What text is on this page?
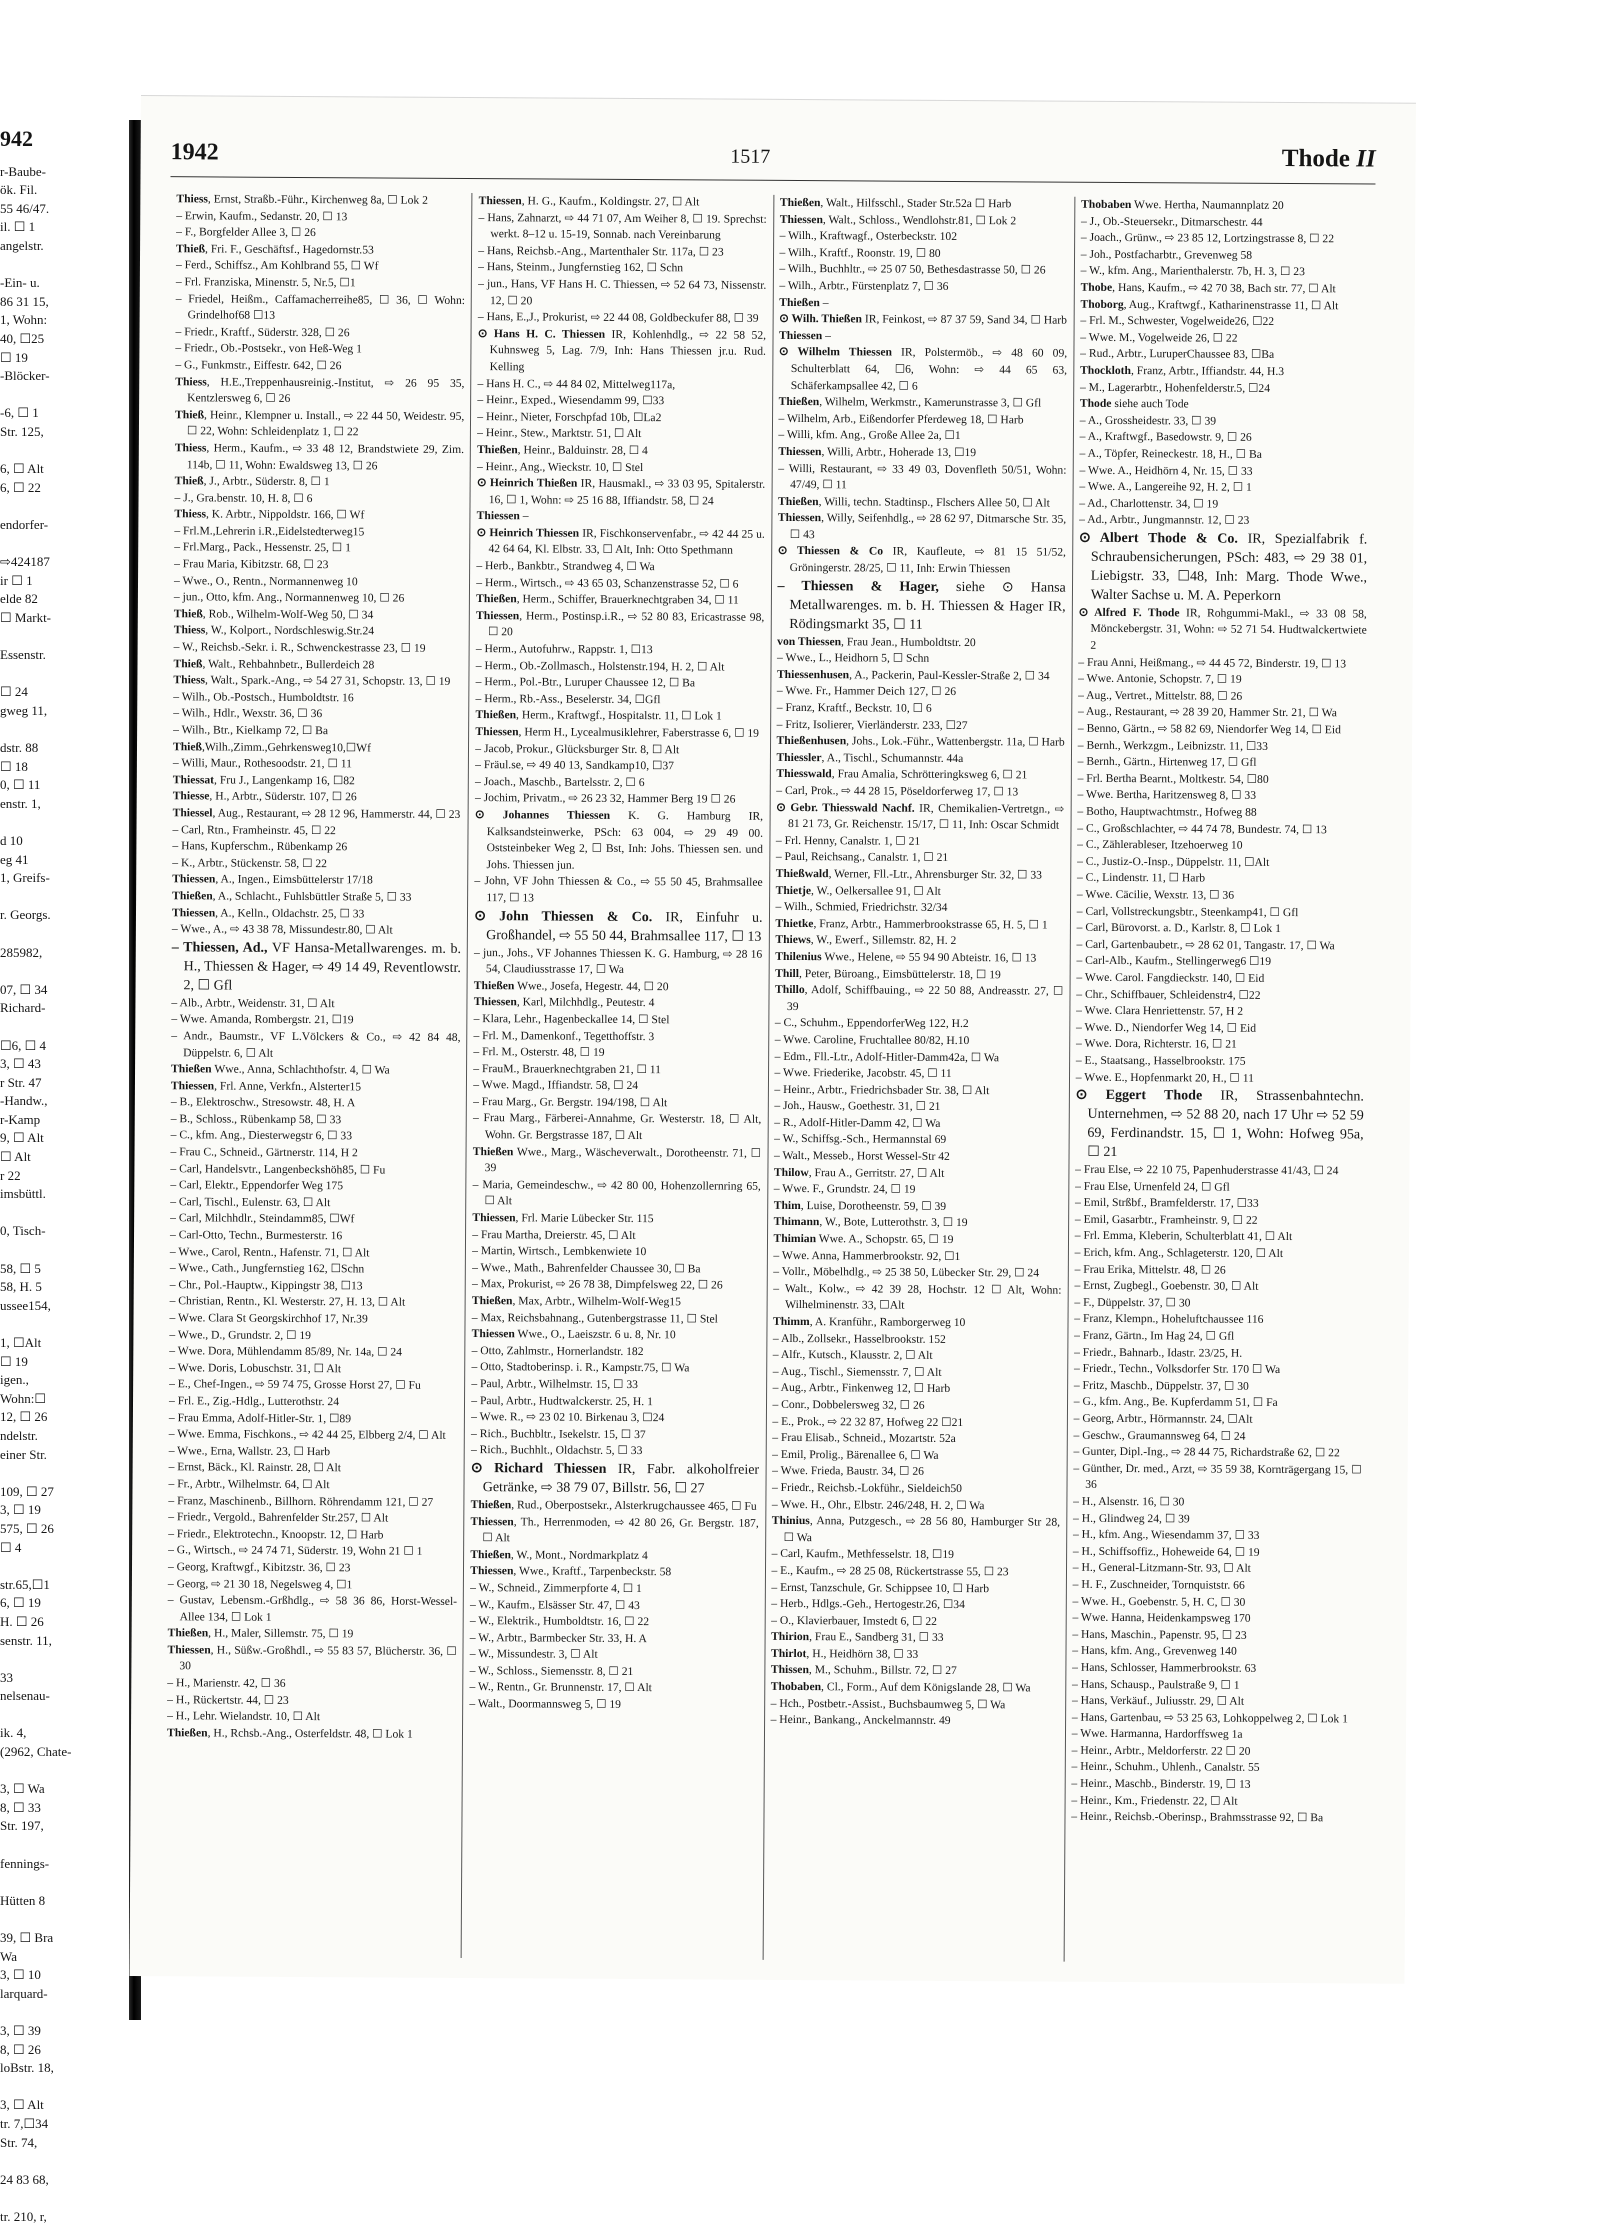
942
r-Baube-
ök. Fil.
55 46/47.
il. ☐ 1
angelstr.

-Ein- u.
86 31 15,
1, Wohn:
40, ☐25
☐ 19
-Blöcker-

-6, ☐ 1
Str. 125,

6, ☐ Alt
6, ☐ 22

endorfer-

⇨424187
ir ☐ 1
elde 82
☐ Markt-

Essenstr.

☐ 24
gweg 11,

dstr. 88
☐ 18
0, ☐ 11
enstr. 1,

d 10
eg 41
1, Greifs-

r. Georgs.

285982,

07, ☐ 34
Richard-

☐6, ☐ 4
3, ☐ 43
r Str. 47
-Handw.,
r-Kamp
9, ☐ Alt
☐ Alt
r 22
imsbüttl.

0, Tisch-

58, ☐ 5
58, H. 5
ussee154,

1, ☐Alt
☐ 19
igen.,
Wohn:☐
12, ☐ 26
ndelstr.
einer Str.

109, ☐ 27
3, ☐ 19
575, ☐ 26
☐ 4

str.65,☐1
6, ☐ 19
H. ☐ 26
senstr. 11,

33
nelsenau-

ik. 4,
(2962, Chate-

3, ☐ Wa
8, ☐ 33
Str. 197,

fennings-

Hütten 8

39, ☐ Bra
Wa
3, ☐ 10
larquard-

3, ☐ 39
8, ☐ 26
loBstr. 18,

3, ☐ Alt
tr. 7,☐34
Str. 74,

24 83 68,

tr. 210, r,
1942	1517	Thode II

Thiess, Ernst, Straßb.-Führ., Kirchenweg 8a, ☐ Lok 2

– Erwin, Kaufm., Sedanstr. 20, ☐ 13

– F., Borgfelder Allee 3, ☐ 26

Thieß, Fri. F., Geschäftsf., Hagedornstr.53

– Ferd., Schiffsz., Am Kohlbrand 55, ☐ Wf

– Frl. Franziska, Minenstr. 5, Nr.5, ☐1

– Friedel, Heißm., Caffamacherreihe85, ☐ 36, ☐ Wohn: Grindelhof68 ☐13

– Friedr., Kraftf., Süderstr. 328, ☐ 26

– Friedr., Ob.-Postsekr., von Heß-Weg 1

– G., Funkmstr., Eiffestr. 642, ☐ 26

Thiess, H.E.,Treppenhausreinig.-Institut, ⇨ 26 95 35, Kentzlersweg 6, ☐ 26

Thieß, Heinr., Klempner u. Install., ⇨ 22 44 50, Weidestr. 95, ☐ 22, Wohn: Schleidenplatz 1, ☐ 22

Thiess, Herm., Kaufm., ⇨ 33 48 12, Brandstwiete 29, Zim. 114b, ☐ 11, Wohn: Ewaldsweg 13, ☐ 26

Thieß, J., Arbtr., Süderstr. 8, ☐ 1

– J., Gra.benstr. 10, H. 8, ☐ 6

Thiess, K. Arbtr., Nippoldstr. 166, ☐ Wf

– Frl.M.,Lehrerin i.R.,Eidelstedterweg15

– Frl.Marg., Pack., Hessenstr. 25, ☐ 1

– Frau Maria, Kibitzstr. 68, ☐ 23

– Wwe., O., Rentn., Normannenweg 10

– jun., Otto, kfm. Ang., Normannenweg 10, ☐ 26

Thieß, Rob., Wilhelm-Wolf-Weg 50, ☐ 34

Thiess, W., Kolport., Nordschleswig.Str.24

– W., Reichsb.-Sekr. i. R., Schwenckestrasse 23, ☐ 19

Thieß, Walt., Rehbahnbetr., Bullerdeich 28

Thiess, Walt., Spark.-Ang., ⇨ 54 27 31, Schopstr. 13, ☐ 19

– Wilh., Ob.-Postsch., Humboldtstr. 16

– Wilh., Hdlr., Wexstr. 36, ☐ 36

– Wilh., Btr., Kielkamp 72, ☐ Ba

Thieß,Wilh.,Zimm.,Gehrkensweg10,☐Wf

– Willi, Maur., Rothesoodstr. 21, ☐ 11

Thiessat, Fru J., Langenkamp 16, ☐82

Thiesse, H., Arbtr., Süderstr. 107, ☐ 26

Thiessel, Aug., Restaurant, ⇨ 28 12 96, Hammerstr. 44, ☐ 23

– Carl, Rtn., Framheinstr. 45, ☐ 22

– Hans, Kupferschm., Rübenkamp 26

– K., Arbtr., Stückenstr. 58, ☐ 22

Thiessen, A., Ingen., Eimsbüttelerstr 17/18

Thießen, A., Schlacht., Fuhlsbüttler Straße 5, ☐ 33

Thiessen, A., Kelln., Oldachstr. 25, ☐ 33

– Wwe., A., ⇨ 43 38 78, Missundestr.80, ☐ Alt

– Thiessen, Ad., VF Hansa-Metallwarenges. m. b. H., Thiessen & Hager, ⇨ 49 14 49, Reventlowstr. 2, ☐ Gfl

– Alb., Arbtr., Weidenstr. 31, ☐ Alt

– Wwe. Amanda, Rombergstr. 21, ☐19

– Andr., Baumstr., VF L.Völckers & Co., ⇨ 42 84 48, Düppelstr. 6, ☐ Alt

Thießen Wwe., Anna, Schlachthofstr. 4, ☐ Wa

Thiessen, Frl. Anne, Verkfn., Alsterter15

– B., Elektroschw., Stresowstr. 48, H. A

– B., Schloss., Rübenkamp 58, ☐ 33

– C., kfm. Ang., Diesterwegstr 6, ☐ 33

– Frau C., Schneid., Gärtnerstr. 114, H 2

– Carl, Handelsvtr., Langenbeckshöh85, ☐ Fu

– Carl, Elektr., Eppendorfer Weg 175

– Carl, Tischl., Eulenstr. 63, ☐ Alt

– Carl, Milchhdlr., Steindamm85, ☐Wf

– Carl-Otto, Techn., Burmesterstr. 16

– Wwe., Carol, Rentn., Hafenstr. 71, ☐ Alt

– Wwe., Cath., Jungfernstieg 162, ☐Schn

– Chr., Pol.-Hauptw., Kippingstr 38, ☐13

– Christian, Rentn., Kl. Westerstr. 27, H. 13, ☐ Alt

– Wwe. Clara St Georgskirchhof 17, Nr.39

– Wwe., D., Grundstr. 2, ☐ 19

– Wwe. Dora, Mühlendamm 85/89, Nr. 14a, ☐ 24

– Wwe. Doris, Lobuschstr. 31, ☐ Alt

– E., Chef-Ingen., ⇨ 59 74 75, Grosse Horst 27, ☐ Fu

– Frl. E., Zig.-Hdlg., Lutterothstr. 24

– Frau Emma, Adolf-Hitler-Str. 1, ☐89

– Wwe. Emma, Fischkons., ⇨ 42 44 25, Elbberg 2/4, ☐ Alt

– Wwe., Erna, Wallstr. 23, ☐ Harb

– Ernst, Bäck., Kl. Rainstr. 28, ☐ Alt

– Fr., Arbtr., Wilhelmstr. 64, ☐ Alt

– Franz, Maschinenb., Billhorn. Röhrendamm 121, ☐ 27

– Friedr., Vergold., Bahrenfelder Str.257, ☐ Alt

– Friedr., Elektrotechn., Knoopstr. 12, ☐ Harb

– G., Wirtsch., ⇨ 24 74 71, Süderstr. 19, Wohn 21 ☐ 1

– Georg, Kraftwgf., Kibitzstr. 36, ☐ 23

– Georg, ⇨ 21 30 18, Negelsweg 4, ☐1

– Gustav, Lebensm.-Grßhdlg., ⇨ 58 36 86, Horst-Wessel-Allee 134, ☐ Lok 1

Thießen, H., Maler, Sillemstr. 75, ☐ 19

Thiessen, H., Süßw.-Großhdl., ⇨ 55 83 57, Blücherstr. 36, ☐ 30

– H., Marienstr. 42, ☐ 36

– H., Rückertstr. 44, ☐ 23

– H., Lehr. Wielandstr. 10, ☐ Alt

Thießen, H., Rchsb.-Ang., Osterfeldstr. 48, ☐ Lok 1

Thiessen, H. G., Kaufm., Koldingstr. 27, ☐ Alt

– Hans, Zahnarzt, ⇨ 44 71 07, Am Weiher 8, ☐ 19. Sprechst: werkt. 8–12 u. 15-19, Sonnab. nach Vereinbarung

– Hans, Reichsb.-Ang., Martenthaler Str. 117a, ☐ 23

– Hans, Steinm., Jungfernstieg 162, ☐ Schn

– jun., Hans, VF Hans H. C. Thiessen, ⇨ 52 64 73, Nissenstr. 12, ☐ 20

– Hans, E.,J., Prokurist, ⇨ 22 44 08, Goldbeckufer 88, ☐ 39

⊙ Hans H. C. Thiessen IR, Kohlenhdlg., ⇨ 22 58 52, Kuhnsweg 5, Lag. 7/9, Inh: Hans Thiessen jr.u. Rud. Kelling

– Hans H. C., ⇨ 44 84 02, Mittelweg117a,

– Heinr., Exped., Wiesendamm 99, ☐33

– Heinr., Nieter, Forschpfad 10b, ☐La2

– Heinr., Stew., Marktstr. 51, ☐ Alt

Thießen, Heinr., Balduinstr. 28, ☐ 4

– Heinr., Ang., Wieckstr. 10, ☐ Stel

⊙ Heinrich Thießen IR, Hausmakl., ⇨ 33 03 95, Spitalerstr. 16, ☐ 1, Wohn: ⇨ 25 16 88, Iffiandstr. 58, ☐ 24

Thiessen –

⊙ Heinrich Thiessen IR, Fischkonservenfabr., ⇨ 42 44 25 u. 42 64 64, Kl. Elbstr. 33, ☐ Alt, Inh: Otto Spethmann

– Herb., Bankbtr., Strandweg 4, ☐ Wa

– Herm., Wirtsch., ⇨ 43 65 03, Schanzenstrasse 52, ☐ 6

Thießen, Herm., Schiffer, Brauerknechtgraben 34, ☐ 11

Thiessen, Herm., Postinsp.i.R., ⇨ 52 80 83, Ericastrasse 98, ☐ 20

– Herm., Autofuhrw., Rappstr. 1, ☐13

– Herm., Ob.-Zollmasch., Holstenstr.194, H. 2, ☐ Alt

– Herm., Pol.-Btr., Luruper Chaussee 12, ☐ Ba

– Herm., Rb.-Ass., Beselerstr. 34, ☐Gfl

Thießen, Herm., Kraftwgf., Hospitalstr. 11, ☐ Lok 1

Thiessen, Herm H., Lycealmusiklehrer, Faberstrasse 6, ☐ 19

– Jacob, Prokur., Glücksburger Str. 8, ☐ Alt

– Fräul.se, ⇨ 49 40 13, Sandkamp10, ☐37

– Joach., Maschb., Bartelsstr. 2, ☐ 6

– Jochim, Privatm., ⇨ 26 23 32, Hammer Berg 19 ☐ 26

⊙ Johannes Thiessen K. G. Hamburg IR, Kalksandsteinwerke, PSch: 63 004, ⇨ 29 49 00. Oststeinbeker Weg 2, ☐ Bst, Inh: Johs. Thiessen sen. und Johs. Thiessen jun.

– John, VF John Thiessen & Co., ⇨ 55 50 45, Brahmsallee 117, ☐ 13

⊙ John Thiessen & Co. IR, Einfuhr u. Großhandel, ⇨ 55 50 44, Brahmsallee 117, ☐ 13

– jun., Johs., VF Johannes Thiessen K. G. Hamburg, ⇨ 28 16 54, Claudiusstrasse 17, ☐ Wa

Thießen Wwe., Josefa, Hegestr. 44, ☐ 20

Thiessen, Karl, Milchhdlg., Peutestr. 4

– Klara, Lehr., Hagenbeckallee 14, ☐ Stel

– Frl. M., Damenkonf., Tegetthoffstr. 3

– Frl. M., Osterstr. 48, ☐ 19

– FrauM., Brauerknechtgraben 21, ☐ 11

– Wwe. Magd., Iffiandstr. 58, ☐ 24

– Frau Marg., Gr. Bergstr. 194/198, ☐ Alt

– Frau Marg., Färberei-Annahme, Gr. Westerstr. 18, ☐ Alt, Wohn. Gr. Bergstrasse 187, ☐ Alt

Thießen Wwe., Marg., Wäscheverwalt., Dorotheenstr. 71, ☐ 39

– Maria, Gemeindeschw., ⇨ 42 80 00, Hohenzollernring 65, ☐ Alt

Thiessen, Frl. Marie Lübecker Str. 115

– Frau Martha, Dreierstr. 45, ☐ Alt

– Martin, Wirtsch., Lembkenwiete 10

– Wwe., Math., Bahrenfelder Chaussee 30, ☐ Ba

– Max, Prokurist, ⇨ 26 78 38, Dimpfelsweg 22, ☐ 26

Thießen, Max, Arbtr., Wilhelm-Wolf-Weg15

– Max, Reichsbahnang., Gutenbergstrasse 11, ☐ Stel

Thiessen Wwe., O., Laeiszstr. 6 u. 8, Nr. 10

– Otto, Zahlmstr., Hornerlandstr. 182

– Otto, Stadtoberinsp. i. R., Kampstr.75, ☐ Wa

– Paul, Arbtr., Wilhelmstr. 15, ☐ 33

– Paul, Arbtr., Hudtwalckerstr. 25, H. 1

– Wwe. R., ⇨ 23 02 10. Birkenau 3, ☐24

– Rich., Buchbltr., Isekelstr. 15, ☐ 37

– Rich., Buchhlt., Oldachstr. 5, ☐ 33

⊙ Richard Thiessen IR, Fabr. alkoholfreier Getränke, ⇨ 38 79 07, Billstr. 56, ☐ 27

Thießen, Rud., Oberpostsekr., Alsterkrugchaussee 465, ☐ Fu

Thiessen, Th., Herrenmoden, ⇨ 42 80 26, Gr. Bergstr. 187, ☐ Alt

Thießen, W., Mont., Nordmarkplatz 4

Thiessen, Wwe., Kraftf., Tarpenbeckstr. 58

– W., Schneid., Zimmerpforte 4, ☐ 1

– W., Kaufm., Elsässer Str. 47, ☐ 43

– W., Elektrik., Humboldtstr. 16, ☐ 22

– W., Arbtr., Barmbecker Str. 33, H. A

– W., Missundestr. 3, ☐ Alt

– W., Schloss., Siemensstr. 8, ☐ 21

– W., Rentn., Gr. Brunnenstr. 17, ☐ Alt

– Walt., Doormannsweg 5, ☐ 19

Thießen, Walt., Hilfsschl., Stader Str.52a ☐ Harb

Thiessen, Walt., Schloss., Wendlohstr.81, ☐ Lok 2

– Wilh., Kraftwagf., Osterbeckstr. 102

– Wilh., Kraftf., Roonstr. 19, ☐ 80

– Wilh., Buchhltr., ⇨ 25 07 50, Bethesdastrasse 50, ☐ 26

– Wilh., Arbtr., Fürstenplatz 7, ☐ 36

Thießen –

⊙ Wilh. Thießen IR, Feinkost, ⇨ 87 37 59, Sand 34, ☐ Harb

Thiessen –

⊙ Wilhelm Thiessen IR, Polstermöb., ⇨ 48 60 09, Schulterblatt 64, ☐6, Wohn: ⇨ 44 65 63, Schäferkampsallee 42, ☐ 6

Thießen, Wilhelm, Werkmstr., Kamerunstrasse 3, ☐ Gfl

– Wilhelm, Arb., Eißendorfer Pferdeweg 18, ☐ Harb

– Willi, kfm. Ang., Große Allee 2a, ☐1

Thiessen, Willi, Arbtr., Hoherade 13, ☐19

– Willi, Restaurant, ⇨ 33 49 03, Dovenfleth 50/51, Wohn: 47/49, ☐ 11

Thießen, Willi, techn. Stadtinsp., Flschers Allee 50, ☐ Alt

Thiessen, Willy, Seifenhdlg., ⇨ 28 62 97, Ditmarsche Str. 35, ☐ 43

⊙ Thiessen & Co IR, Kaufleute, ⇨ 81 15 51/52, Gröningerstr. 28/25, ☐ 11, Inh: Erwin Thiessen

– Thiessen & Hager, siehe ⊙ Hansa Metallwarenges. m. b. H. Thiessen & Hager IR, Rödingsmarkt 35, ☐ 11

von Thiessen, Frau Jean., Humboldtstr. 20

– Wwe., L., Heidhorn 5, ☐ Schn

Thiessenhusen, A., Packerin, Paul-Kessler-Straße 2, ☐ 34

– Wwe. Fr., Hammer Deich 127, ☐ 26

– Franz, Kraftf., Beckstr. 10, ☐ 6

– Fritz, Isolierer, Vierländerstr. 233, ☐27

Thießenhusen, Johs., Lok.-Führ., Wattenbergstr. 11a, ☐ Harb

Thiessler, A., Tischl., Schumannstr. 44a

Thiesswald, Frau Amalia, Schrötteringksweg 6, ☐ 21

– Carl, Prok., ⇨ 44 28 15, Pöseldorferweg 17, ☐ 13

⊙ Gebr. Thiesswald Nachf. IR, Chemikalien-Vertretgn., ⇨ 81 21 73, Gr. Reichenstr. 15/17, ☐ 11, Inh: Oscar Schmidt

– Frl. Henny, Canalstr. 1, ☐ 21

– Paul, Reichsang., Canalstr. 1, ☐ 21

Thießwald, Werner, Fll.-Ltr., Ahrensburger Str. 32, ☐ 33

Thietje, W., Oelkersallee 91, ☐ Alt

– Wilh., Schmied, Friedrichstr. 32/34

Thietke, Franz, Arbtr., Hammerbrookstrasse 65, H. 5, ☐ 1

Thiews, W., Ewerf., Sillemstr. 82, H. 2

Thilenius Wwe., Helene, ⇨ 55 94 90 Abteistr. 16, ☐ 13

Thill, Peter, Büroang., Eimsbüttelerstr. 18, ☐ 19

Thillo, Adolf, Schiffbauing., ⇨ 22 50 88, Andreasstr. 27, ☐ 39

– C., Schuhm., EppendorferWeg 122, H.2

– Wwe. Caroline, Fruchtallee 80/82, H.10

– Edm., Fll.-Ltr., Adolf-Hitler-Damm42a, ☐ Wa

– Wwe. Friederike, Jacobstr. 45, ☐ 11

– Heinr., Arbtr., Friedrichsbader Str. 38, ☐ Alt

– Joh., Hausw., Goethestr. 31, ☐ 21

– R., Adolf-Hitler-Damm 42, ☐ Wa

– W., Schiffsg.-Sch., Hermannstal 69

– Walt., Messeb., Horst Wessel-Str 42

Thilow, Frau A., Gerritstr. 27, ☐ Alt

– Wwe. F., Grundstr. 24, ☐ 19

Thim, Luise, Dorotheenstr. 59, ☐ 39

Thimann, W., Bote, Lutterothstr. 3, ☐ 19

Thimian Wwe. A., Schopstr. 65, ☐ 19

– Wwe. Anna, Hammerbrookstr. 92, ☐1

– Vollr., Möbelhdlg., ⇨ 25 38 50, Lübecker Str. 29, ☐ 24

– Walt., Kolw., ⇨ 42 39 28, Hochstr. 12 ☐ Alt, Wohn: Wilhelminenstr. 33, ☐Alt

Thimm, A. Kranführ., Ramborgerweg 10

– Alb., Zollsekr., Hasselbrookstr. 152

– Alfr., Kutsch., Klausstr. 2, ☐ Alt

– Aug., Tischl., Siemensstr. 7, ☐ Alt

– Aug., Arbtr., Finkenweg 12, ☐ Harb

– Conr., Dobbelersweg 32, ☐ 26

– E., Prok., ⇨ 22 32 87, Hofweg 22 ☐21

– Frau Elisab., Schneid., Mozartstr. 52a

– Emil, Prolig., Bärenallee 6, ☐ Wa

– Wwe. Frieda, Baustr. 34, ☐ 26

– Friedr., Reichsb.-Lokführ., Sieldeich50

– Wwe. H., Ohr., Elbstr. 246/248, H. 2, ☐ Wa

Thinius, Anna, Putzgesch., ⇨ 28 56 80, Hamburger Str 28, ☐ Wa

– Carl, Kaufm., Methfesselstr. 18, ☐19

– E., Kaufm., ⇨ 28 25 08, Rückertstrasse 55, ☐ 23

– Ernst, Tanzschule, Gr. Schippsee 10, ☐ Harb

– Herb., Hdlgs.-Geh., Hertogestr.26, ☐34

– O., Klavierbauer, Imstedt 6, ☐ 22

Thirion, Frau E., Sandberg 31, ☐ 33

Thirlot, H., Heidhörn 38, ☐ 33

Thissen, M., Schuhm., Billstr. 72, ☐ 27

Thobaben, Cl., Form., Auf dem Königslande 28, ☐ Wa

– Hch., Postbetr.-Assist., Buchsbaumweg 5, ☐ Wa

– Heinr., Bankang., Anckelmannstr. 49

Thobaben Wwe. Hertha, Naumannplatz 20

– J., Ob.-Steuersekr., Ditmarschestr. 44

– Joach., Grünw., ⇨ 23 85 12, Lortzingstrasse 8, ☐ 22

– Joh., Postfacharbtr., Grevenweg 58

– W., kfm. Ang., Marienthalerstr. 7b, H. 3, ☐ 23

Thobe, Hans, Kaufm., ⇨ 42 70 38, Bach str. 77, ☐ Alt

Thoborg, Aug., Kraftwgf., Katharinenstrasse 11, ☐ Alt

– Frl. M., Schwester, Vogelweide26, ☐22

– Wwe. M., Vogelweide 26, ☐ 22

– Rud., Arbtr., LuruperChaussee 83, ☐Ba

Thockloth, Franz, Arbtr., Iffiandstr. 44, H.3

– M., Lagerarbtr., Hohenfelderstr.5, ☐24

Thode siehe auch Tode

– A., Grossheidestr. 33, ☐ 39

– A., Kraftwgf., Basedowstr. 9, ☐ 26

– A., Töpfer, Reineckestr. 18, H., ☐ Ba

– Wwe. A., Heidhörn 4, Nr. 15, ☐ 33

– Wwe. A., Langereihe 92, H. 2, ☐ 1

– Ad., Charlottenstr. 34, ☐ 19

– Ad., Arbtr., Jungmannstr. 12, ☐ 23

⊙ Albert Thode & Co. IR, Spezialfabrik f. Schraubensicherungen, PSch: 483, ⇨ 29 38 01, Liebigstr. 33, ☐48, Inh: Marg. Thode Wwe., Walter Sachse u. M. A. Peperkorn

⊙ Alfred F. Thode IR, Rohgummi-Makl., ⇨ 33 08 58, Mönckebergstr. 31, Wohn: ⇨ 52 71 54. Hudtwalckertwiete 2

– Frau Anni, Heißmang., ⇨ 44 45 72, Binderstr. 19, ☐ 13

– Wwe. Antonie, Schopstr. 7, ☐ 19

– Aug., Vertret., Mittelstr. 88, ☐ 26

– Aug., Restaurant, ⇨ 28 39 20, Hammer Str. 21, ☐ Wa

– Benno, Gärtn., ⇨ 58 82 69, Niendorfer Weg 14, ☐ Eid

– Bernh., Werkzgm., Leibnizstr. 11, ☐33

– Bernh., Gärtn., Hirtenweg 17, ☐ Gfl

– Frl. Bertha Bearnt., Moltkestr. 54, ☐80

– Wwe. Bertha, Haritzensweg 8, ☐ 33

– Botho, Hauptwachtmstr., Hofweg 88

– C., Großschlachter, ⇨ 44 74 78, Bundestr. 74, ☐ 13

– C., Zählerableser, Itzehoerweg 10

– C., Justiz-O.-Insp., Düppelstr. 11, ☐Alt

– C., Lindenstr. 11, ☐ Harb

– Wwe. Cäcilie, Wexstr. 13, ☐ 36

– Carl, Vollstreckungsbtr., Steenkamp41, ☐ Gfl

– Carl, Bürovorst. a. D., Karlstr. 8, ☐ Lok 1

– Carl, Gartenbaubetr., ⇨ 28 62 01, Tangastr. 17, ☐ Wa

– Carl-Alb., Kaufm., Stellingerweg6 ☐19

– Wwe. Carol. Fangdieckstr. 140, ☐ Eid

– Chr., Schiffbauer, Schleidenstr4, ☐22

– Wwe. Clara Henriettenstr. 57, H 2

– Wwe. D., Niendorfer Weg 14, ☐ Eid

– Wwe. Dora, Richterstr. 16, ☐ 21

– E., Staatsang., Hasselbrookstr. 175

– Wwe. E., Hopfenmarkt 20, H., ☐ 11

⊙ Eggert Thode IR, Strassenbahntechn. Unternehmen, ⇨ 52 88 20, nach 17 Uhr ⇨ 52 59 69, Ferdinandstr. 15, ☐ 1, Wohn: Hofweg 95a, ☐ 21

– Frau Else, ⇨ 22 10 75, Papenhuderstrasse 41/43, ☐ 24

– Frau Else, Urnenfeld 24, ☐ Gfl

– Emil, Strßbf., Bramfelderstr. 17, ☐33

– Emil, Gasarbtr., Framheinstr. 9, ☐ 22

– Frl. Emma, Kleberin, Schulterblatt 41, ☐ Alt

– Erich, kfm. Ang., Schlageterstr. 120, ☐ Alt

– Frau Erika, Mittelstr. 48, ☐ 26

– Ernst, Zugbegl., Goebenstr. 30, ☐ Alt

– F., Düppelstr. 37, ☐ 30

– Franz, Klempn., Hoheluftchaussee 116

– Franz, Gärtn., Im Hag 24, ☐ Gfl

– Friedr., Bahnarb., Idastr. 23/25, H.

– Friedr., Techn., Volksdorfer Str. 170 ☐ Wa

– Fritz, Maschb., Düppelstr. 37, ☐ 30

– G., kfm. Ang., Be. Kupferdamm 51, ☐ Fa

– Georg, Arbtr., Hörmannstr. 24, ☐Alt

– Geschw., Graumannsweg 64, ☐ 24

– Gunter, Dipl.-Ing., ⇨ 28 44 75, Richardstraße 62, ☐ 22

– Günther, Dr. med., Arzt, ⇨ 35 59 38, Kornträgergang 15, ☐ 36

– H., Alsenstr. 16, ☐ 30

– H., Glindweg 24, ☐ 39

– H., kfm. Ang., Wiesendamm 37, ☐ 33

– H., Schiffsoffiz., Hoheweide 64, ☐ 19

– H., General-Litzmann-Str. 93, ☐ Alt

– H. F., Zuschneider, Tornquiststr. 66

– Wwe. H., Goebenstr. 5, H. C, ☐ 30

– Wwe. Hanna, Heidenkampsweg 170

– Hans, Maschin., Papenstr. 95, ☐ 23

– Hans, kfm. Ang., Grevenweg 140

– Hans, Schlosser, Hammerbrookstr. 63

– Hans, Schausp., Paulstraße 9, ☐ 1

– Hans, Verkäuf., Juliusstr. 29, ☐ Alt

– Hans, Gartenbau, ⇨ 53 25 63, Lohkoppelweg 2, ☐ Lok 1

– Wwe. Harmanna, Hardorffsweg 1a

– Heinr., Arbtr., Meldorferstr. 22 ☐ 20

– Heinr., Schuhm., Uhlenh., Canalstr. 55

– Heinr., Maschb., Binderstr. 19, ☐ 13

– Heinr., Km., Friedenstr. 22, ☐ Alt

– Heinr., Reichsb.-Oberinsp., Brahmsstrasse 92, ☐ Ba
